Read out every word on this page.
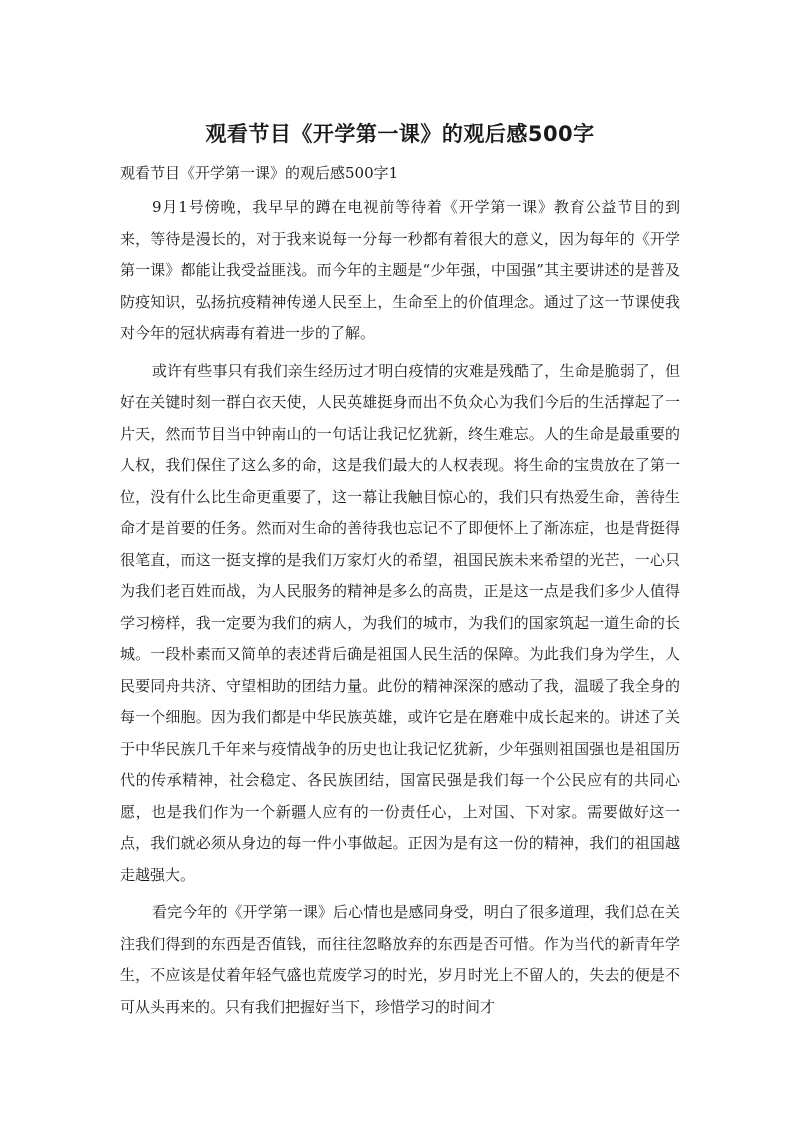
观看节目《开学第一课》的观后感500字

观看节目《开学第一课》的观后感500字1

9月1号傍晚，我早早的蹲在电视前等待着《开学第一课》教育公益节目的到来，等待是漫长的，对于我来说每一分每一秒都有着很大的意义，因为每年的《开学第一课》都能让我受益匪浅。而今年的主题是“少年强，中国强”其主要讲述的是普及防疫知识，弘扬抗疫精神传递人民至上，生命至上的价值理念。通过了这一节课使我对今年的冠状病毒有着进一步的了解。

或许有些事只有我们亲生经历过才明白疫情的灾难是残酷了，生命是脆弱了，但好在关键时刻一群白衣天使，人民英雄挺身而出不负众心为我们今后的生活撑起了一片天，然而节目当中钟南山的一句话让我记忆犹新，终生难忘。人的生命是最重要的人权，我们保住了这么多的命，这是我们最大的人权表现。将生命的宝贵放在了第一位，没有什么比生命更重要了，这一幕让我触目惊心的，我们只有热爱生命，善待生命才是首要的任务。然而对生命的善待我也忘记不了即便怀上了渐冻症，也是背挺得很笔直，而这一挺支撑的是我们万家灯火的希望，祖国民族未来希望的光芒，一心只为我们老百姓而战，为人民服务的精神是多么的高贵，正是这一点是我们多少人值得学习榜样，我一定要为我们的病人，为我们的城市，为我们的国家筑起一道生命的长城。一段朴素而又简单的表述背后确是祖国人民生活的保障。为此我们身为学生，人民要同舟共济、守望相助的团结力量。此份的精神深深的感动了我，温暖了我全身的每一个细胞。因为我们都是中华民族英雄，或许它是在磨难中成长起来的。讲述了关于中华民族几千年来与疫情战争的历史也让我记忆犹新，少年强则祖国强也是祖国历代的传承精神，社会稳定、各民族团结，国富民强是我们每一个公民应有的共同心愿，也是我们作为一个新疆人应有的一份责任心，上对国、下对家。需要做好这一点，我们就必须从身边的每一件小事做起。正因为是有这一份的精神，我们的祖国越走越强大。

看完今年的《开学第一课》后心情也是感同身受，明白了很多道理，我们总在关注我们得到的东西是否值钱，而往往忽略放弃的东西是否可惜。作为当代的新青年学生，不应该是仗着年轻气盛也荒废学习的时光，岁月时光上不留人的，失去的便是不可从头再来的。只有我们把握好当下，珍惜学习的时间才
